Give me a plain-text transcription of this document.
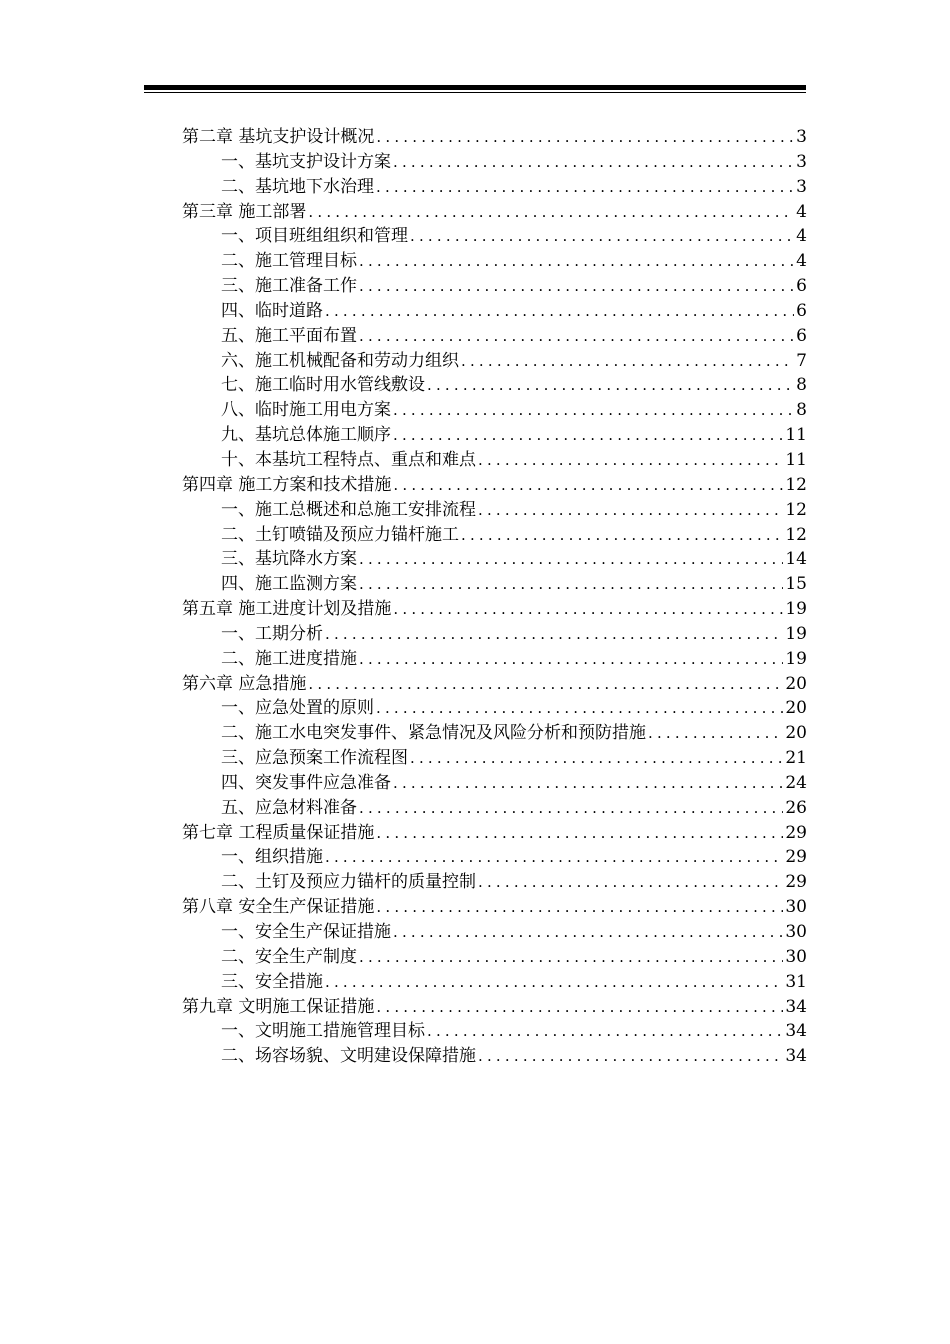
第二章 基坑支护设计概况 .....	3
一、基坑支护设计方案 .....	3
二、基坑地下水治理 .....	3
第三章 施工部署 .....	4
一、项目班组组织和管理 .....	4
二、施工管理目标 .....	4
三、施工准备工作 .....	6
四、临时道路 .....	6
五、施工平面布置 .....	6
六、施工机械配备和劳动力组织 .....	7
七、施工临时用水管线敷设 .....	8
八、临时施工用电方案 .....	8
九、基坑总体施工顺序 .....	11
十、本基坑工程特点、重点和难点 .....	11
第四章 施工方案和技术措施 .....	12
一、施工总概述和总施工安排流程 .....	12
二、土钉喷锚及预应力锚杆施工 .....	12
三、基坑降水方案 .....	14
四、施工监测方案 .....	15
第五章 施工进度计划及措施 .....	19
一、工期分析 .....	19
二、施工进度措施 .....	19
第六章 应急措施 .....	20
一、应急处置的原则 .....	20
二、施工水电突发事件、紧急情况及风险分析和预防措施 .....	20
三、应急预案工作流程图 .....	21
四、突发事件应急准备 .....	24
五、应急材料准备 .....	26
第七章 工程质量保证措施 .....	29
一、组织措施 .....	29
二、土钉及预应力锚杆的质量控制 .....	29
第八章 安全生产保证措施 .....	30
一、安全生产保证措施 .....	30
二、安全生产制度 .....	30
三、安全措施 .....	31
第九章 文明施工保证措施 .....	34
一、文明施工措施管理目标 .....	34
二、场容场貌、文明建设保障措施 .....	34
